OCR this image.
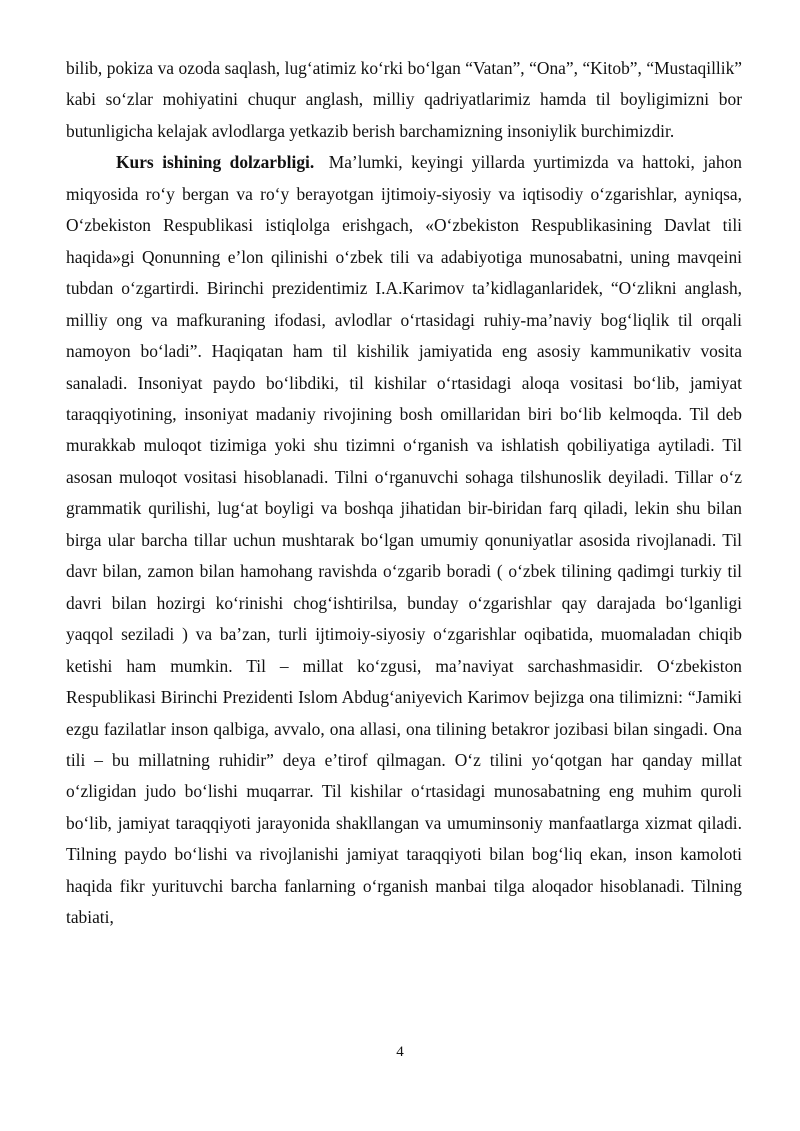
bilib, pokiza va ozoda saqlash, lug‘atimiz ko‘rki bo‘lgan “Vatan”, “Ona”, “Kitob”, “Mustaqillik” kabi so‘zlar mohiyatini chuqur anglash, milliy qadriyatlarimiz hamda til boyligimizni bor butunligicha kelajak avlodlarga yetkazib berish barchamizning insoniylik burchimizdir.

Kurs ishining dolzarbligi. Ma’lumki, keyingi yillarda yurtimizda va hattoki, jahon miqyosida ro‘y bergan va ro‘y berayotgan ijtimoiy-siyosiy va iqtisodiy o‘zgarishlar, ayniqsa, O‘zbekiston Respublikasi istiqlolga erishgach, «O‘zbekiston Respublikasining Davlat tili haqida»gi Qonunning e’lon qilinishi o‘zbek tili va adabiyotiga munosabatni, uning mavqeini tubdan o‘zgartirdi. Birinchi prezidentimiz I.A.Karimov ta’kidlaganlaridek, “O‘zlikni anglash, milliy ong va mafkuraning ifodasi, avlodlar o‘rtasidagi ruhiy-ma’naviy bog‘liqlik til orqali namoyon bo‘ladi”. Haqiqatan ham til kishilik jamiyatida eng asosiy kammunikativ vosita sanaladi. Insoniyat paydo bo‘libdiki, til kishilar o‘rtasidagi aloqa vositasi bo‘lib, jamiyat taraqqiyotining, insoniyat madaniy rivojining bosh omillaridan biri bo‘lib kelmoqda. Til deb murakkab muloqot tizimiga yoki shu tizimni o‘rganish va ishlatish qobiliyatiga aytiladi. Til asosan muloqot vositasi hisoblanadi. Tilni o‘rganuvchi sohaga tilshunoslik deyiladi. Tillar o‘z grammatik qurilishi, lug‘at boyligi va boshqa jihatidan bir-biridan farq qiladi, lekin shu bilan birga ular barcha tillar uchun mushtarak bo‘lgan umumiy qonuniyatlar asosida rivojlanadi. Til davr bilan, zamon bilan hamohang ravishda o‘zgarib boradi ( o‘zbek tilining qadimgi turkiy til davri bilan hozirgi ko‘rinishi chog‘ishtirilsa, bunday o‘zgarishlar qay darajada bo‘lganligi yaqqol seziladi ) va ba’zan, turli ijtimoiy-siyosiy o‘zgarishlar oqibatida, muomaladan chiqib ketishi ham mumkin. Til – millat ko‘zgusi, ma’naviyat sarchashmasidir. O‘zbekiston Respublikasi Birinchi Prezidenti Islom Abdug‘aniyevich Karimov bejizga ona tilimizni: “Jamiki ezgu fazilatlar inson qalbiga, avvalo, ona allasi, ona tilining betakror jozibasi bilan singadi. Ona tili – bu millatning ruhidir” deya e’tirof qilmagan. O‘z tilini yo‘qotgan har qanday millat o‘zligidan judo bo‘lishi muqarrar. Til kishilar o‘rtasidagi munosabatning eng muhim quroli bo‘lib, jamiyat taraqqiyoti jarayonida shakllangan va umuminsoniy manfaatlarga xizmat qiladi. Tilning paydo bo‘lishi va rivojlanishi jamiyat taraqqiyoti bilan bog‘liq ekan, inson kamoloti haqida fikr yurituvchi barcha fanlarning o‘rganish manbai tilga aloqador hisoblanadi. Tilning tabiati,

4
